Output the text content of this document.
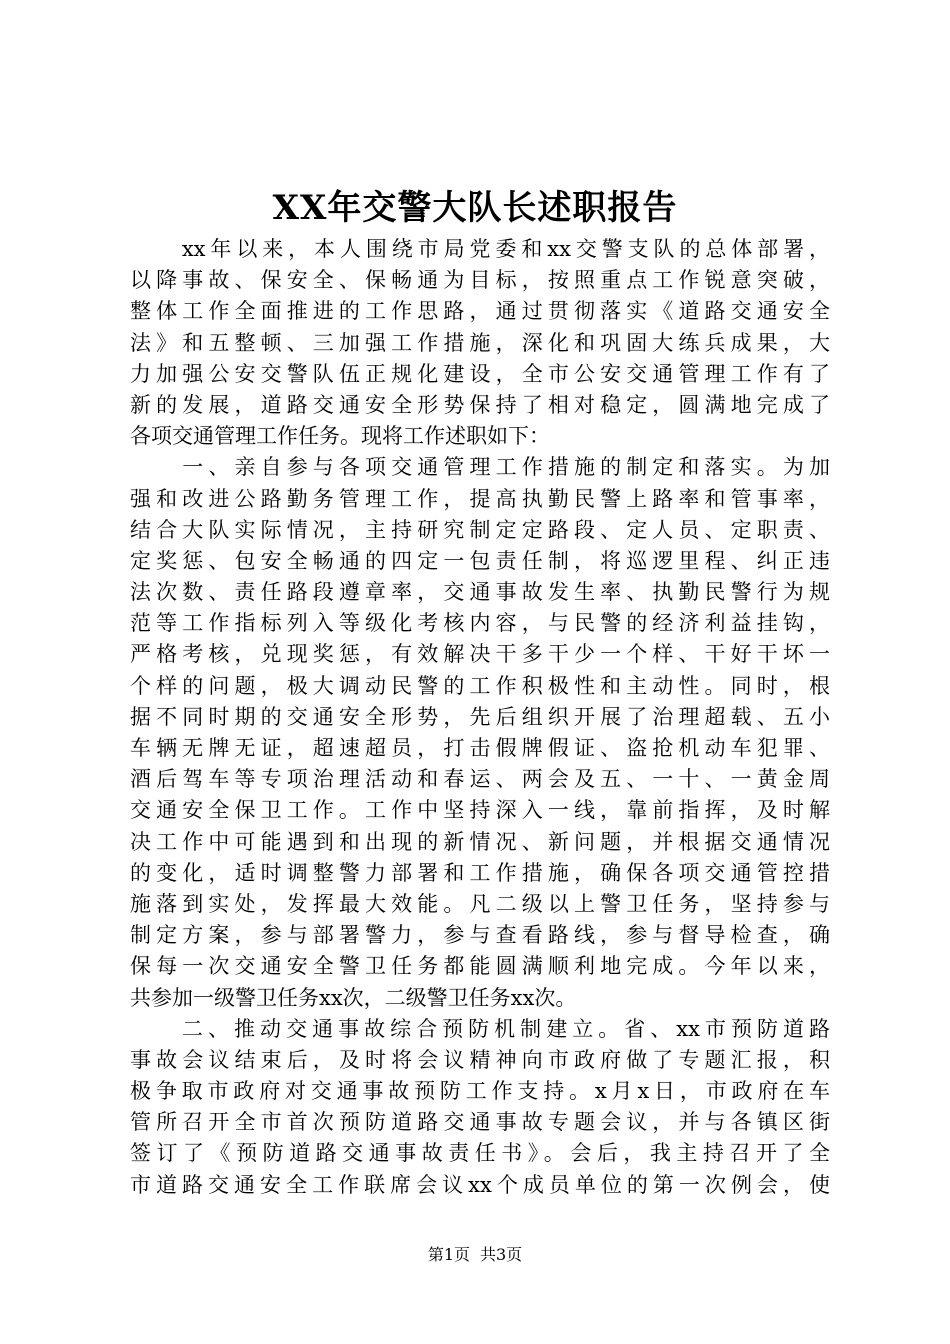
XX年交警大队长述职报告
　　xx年以来，本人围绕市局党委和xx交警支队的总体部署，
以降事故、保安全、保畅通为目标，按照重点工作锐意突破，
整体工作全面推进的工作思路，通过贯彻落实《道路交通安全
法》和五整顿、三加强工作措施，深化和巩固大练兵成果，大
力加强公安交警队伍正规化建设，全市公安交通管理工作有了
新的发展，道路交通安全形势保持了相对稳定，圆满地完成了
各项交通管理工作任务。现将工作述职如下：
　　一、亲自参与各项交通管理工作措施的制定和落实。为加
强和改进公路勤务管理工作，提高执勤民警上路率和管事率，
结合大队实际情况，主持研究制定定路段、定人员、定职责、
定奖惩、包安全畅通的四定一包责任制，将巡逻里程、纠正违
法次数、责任路段遵章率，交通事故发生率、执勤民警行为规
范等工作指标列入等级化考核内容，与民警的经济利益挂钩，
严格考核，兑现奖惩，有效解决干多干少一个样、干好干坏一
个样的问题，极大调动民警的工作积极性和主动性。同时，根
据不同时期的交通安全形势，先后组织开展了治理超载、五小
车辆无牌无证，超速超员，打击假牌假证、盗抢机动车犯罪、
酒后驾车等专项治理活动和春运、两会及五、一十、一黄金周
交通安全保卫工作。工作中坚持深入一线，靠前指挥，及时解
决工作中可能遇到和出现的新情况、新问题，并根据交通情况
的变化，适时调整警力部署和工作措施，确保各项交通管控措
施落到实处，发挥最大效能。凡二级以上警卫任务，坚持参与
制定方案，参与部署警力，参与查看路线，参与督导检查，确
保每一次交通安全警卫任务都能圆满顺利地完成。今年以来，
共参加一级警卫任务xx次，二级警卫任务xx次。
　　二、推动交通事故综合预防机制建立。省、xx市预防道路
事故会议结束后，及时将会议精神向市政府做了专题汇报，积
极争取市政府对交通事故预防工作支持。x月x日，市政府在车
管所召开全市首次预防道路交通事故专题会议，并与各镇区街
签订了《预防道路交通事故责任书》。会后，我主持召开了全
市道路交通安全工作联席会议xx个成员单位的第一次例会，使
第1页 共3页
